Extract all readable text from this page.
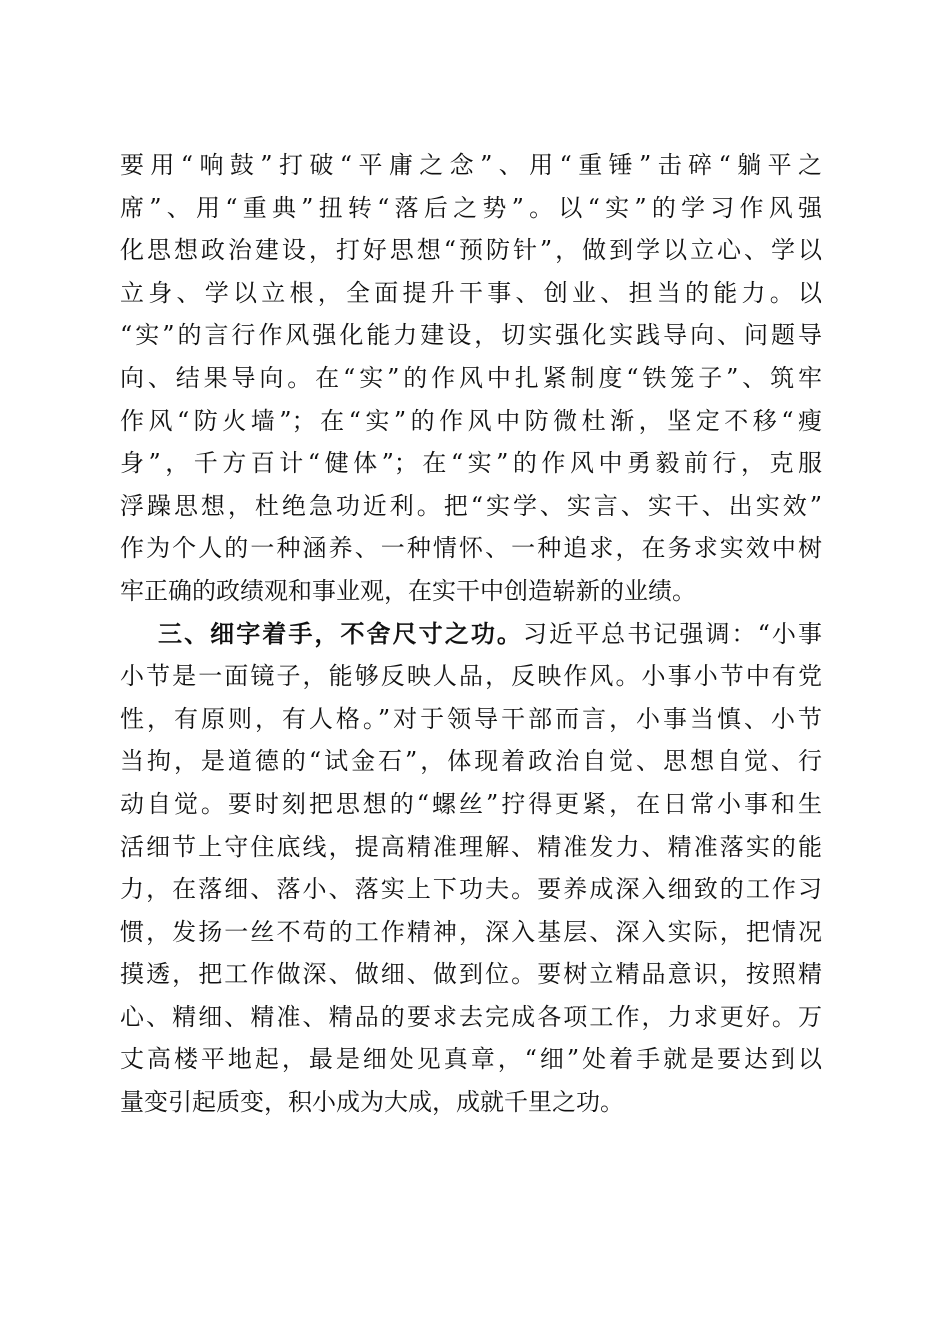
要用“响鼓”打破“平庸之念”、用“重锤”击碎“躺平之
席”、用“重典”扭转“落后之势”。以“实”的学习作风强
化思想政治建设，打好思想“预防针”，做到学以立心、学以
立身、学以立根，全面提升干事、创业、担当的能力。以
“实”的言行作风强化能力建设，切实强化实践导向、问题导
向、结果导向。在“实”的作风中扎紧制度“铁笼子”、筑牢
作风“防火墙”；在“实”的作风中防微杜渐，坚定不移“瘦
身”，千方百计“健体”；在“实”的作风中勇毅前行，克服
浮躁思想，杜绝急功近利。把“实学、实言、实干、出实效”
作为个人的一种涵养、一种情怀、一种追求，在务求实效中树
牢正确的政绩观和事业观，在实干中创造崭新的业绩。
三、细字着手，不舍尺寸之功。习近平总书记强调：“小事
小节是一面镜子，能够反映人品，反映作风。小事小节中有党
性，有原则，有人格。”对于领导干部而言，小事当慎、小节
当拘，是道德的“试金石”，体现着政治自觉、思想自觉、行
动自觉。要时刻把思想的“螺丝”拧得更紧，在日常小事和生
活细节上守住底线，提高精准理解、精准发力、精准落实的能
力，在落细、落小、落实上下功夫。要养成深入细致的工作习
惯，发扬一丝不苟的工作精神，深入基层、深入实际，把情况
摸透，把工作做深、做细、做到位。要树立精品意识，按照精
心、精细、精准、精品的要求去完成各项工作，力求更好。万
丈高楼平地起，最是细处见真章，“细”处着手就是要达到以
量变引起质变，积小成为大成，成就千里之功。
